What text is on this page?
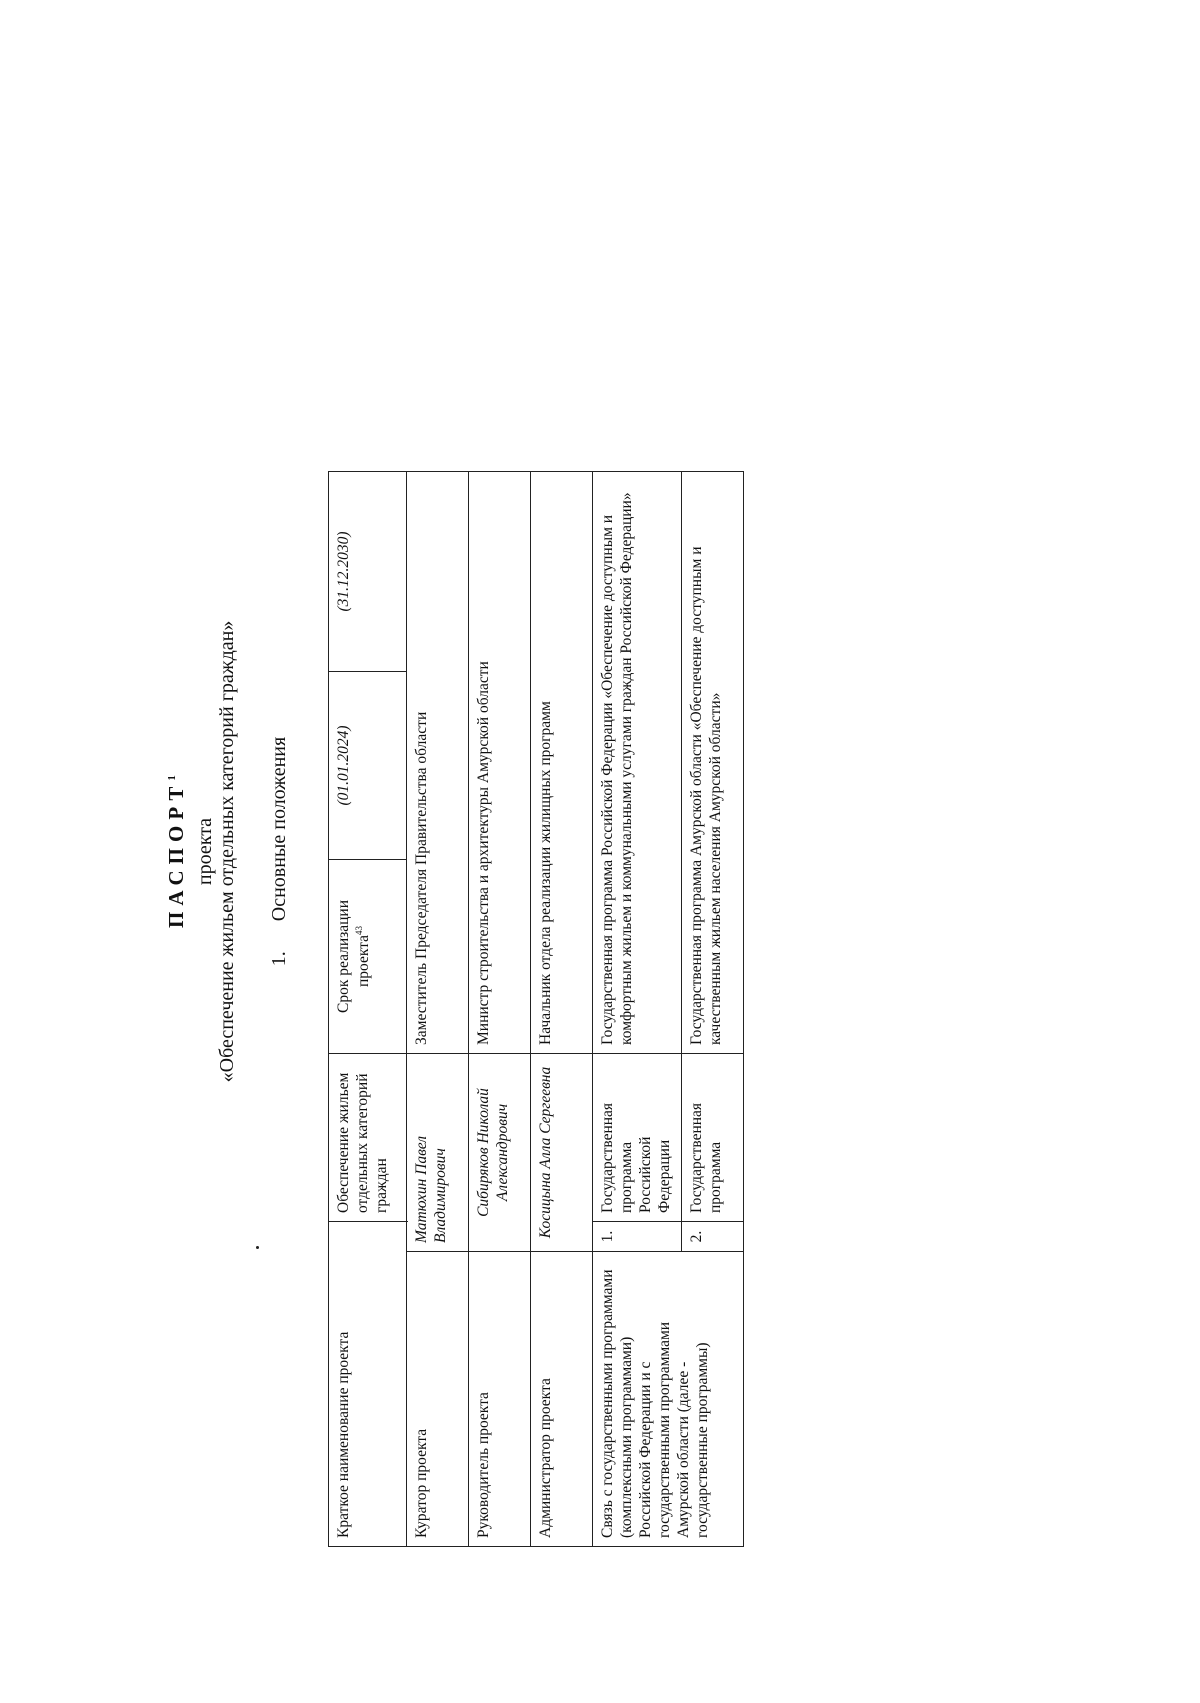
ПАСПОРТ$^1$
проекта «Обеспечение жильем отдельных категорий граждан» 1.Основные положения
Краткое наименование проекта		Обеспечение жильем отдельных категорий граждан	Срок реализации проекта$^{43}$	(01.01.2024)	(31.12.2030)

Куратор проекта	Матюхин Павел Владимирович		Заместитель Председателя Правительства области		
Руководитель проекта	Сибиряков Николай Александрович		Министр строительства и архитектуры Амурской области		
Администратор проекта	Косицына Алла Сергеевна		Начальник отдела реализации жилищных программ		
Связь с государственными программами (комплексными программами) Российской Федерации и с государственными программами Амурской области (далее - государственные программы)	1.	Государственная программа Российской Федерации	Государственная программа Российской Федерации «Обеспечение доступным и комфортным жильем и коммунальными услугами граждан Российской Федерации»		
	2.	Государственная программа	Государственная программа Амурской области «Обеспечение доступным и качественным жильем населения Амурской области»		
